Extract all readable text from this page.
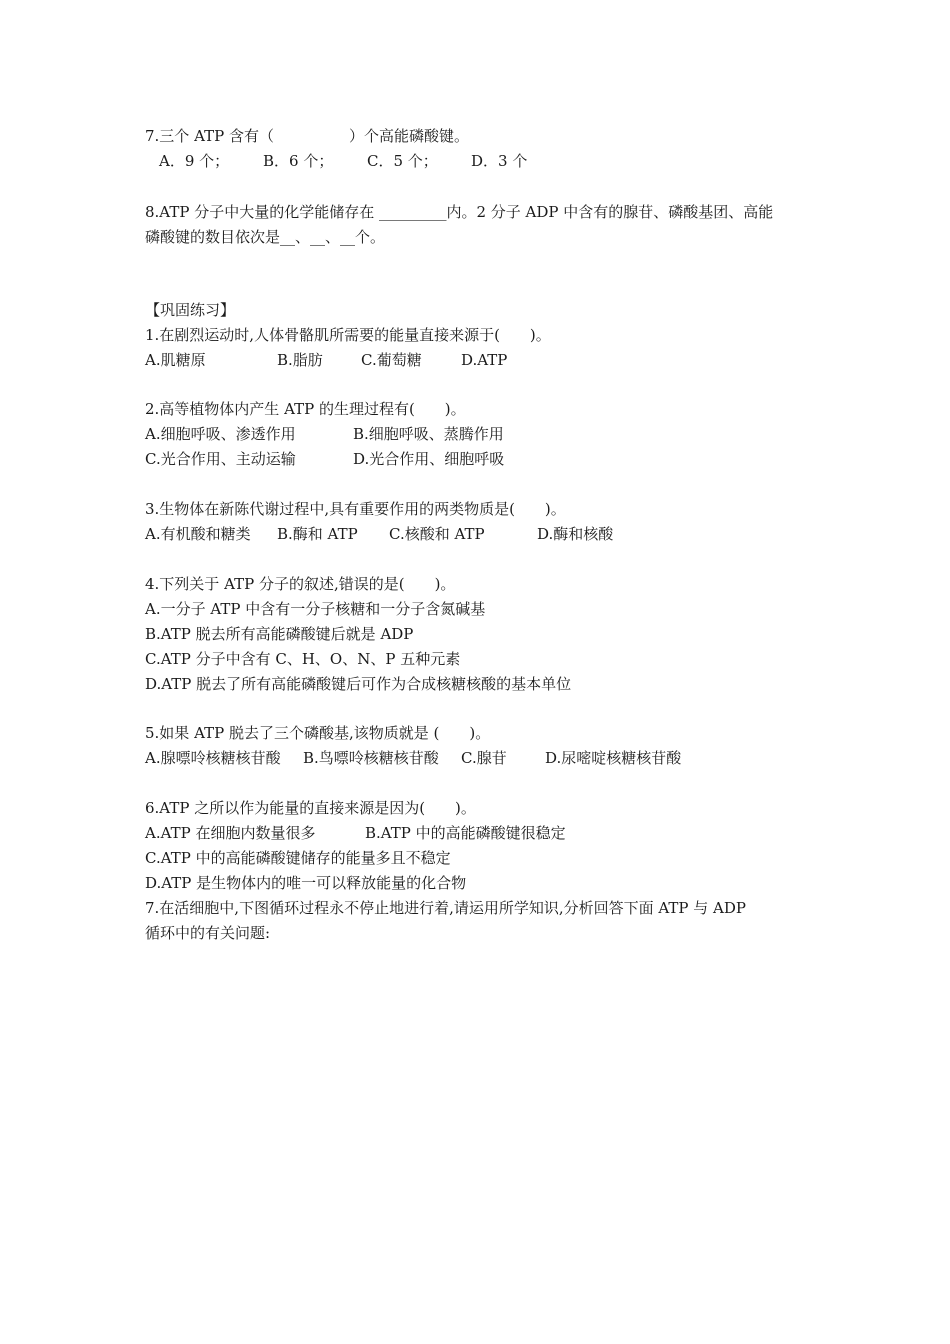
7.三个 ATP 含有（　　　　　）个高能磷酸键。

A．9 个；

B．6 个；

C．5 个；

D．3 个

8.ATP 分子中大量的化学能储存在 _________内。2 分子 ADP 中含有的腺苷、磷酸基团、高能
磷酸键的数目依次是__、__、__个。
【巩固练习】
1.在剧烈运动时,人体骨骼肌所需要的能量直接来源于(　　)。

A.肌糖原

	B.脂肪

	C.葡萄糖

	D.ATP

2.高等植物体内产生 ATP 的生理过程有(　　)。

A.细胞呼吸、渗透作用

	B.细胞呼吸、蒸腾作用

C.光合作用、主动运输

	D.光合作用、细胞呼吸

3.生物体在新陈代谢过程中,具有重要作用的两类物质是(　　)。

A.有机酸和糖类

B.酶和 ATP

C.核酸和 ATP

	D.酶和核酸

4.下列关于 ATP 分子的叙述,错误的是(　　)。
A.一分子 ATP 中含有一分子核糖和一分子含氮碱基
B.ATP 脱去所有高能磷酸键后就是 ADP
C.ATP 分子中含有 C、H、O、N、P 五种元素
D.ATP 脱去了所有高能磷酸键后可作为合成核糖核酸的基本单位
5.如果 ATP 脱去了三个磷酸基,该物质就是 (　　)。

A.腺嘌呤核糖核苷酸

B.鸟嘌呤核糖核苷酸

C.腺苷

	D.尿嘧啶核糖核苷酸

6.ATP 之所以作为能量的直接来源是因为(　　)。

A.ATP 在细胞内数量很多

	B.ATP 中的高能磷酸键很稳定

C.ATP 中的高能磷酸键储存的能量多且不稳定
D.ATP 是生物体内的唯一可以释放能量的化合物
7.在活细胞中,下图循环过程永不停止地进行着,请运用所学知识,分析回答下面 ATP 与 ADP
循环中的有关问题:
